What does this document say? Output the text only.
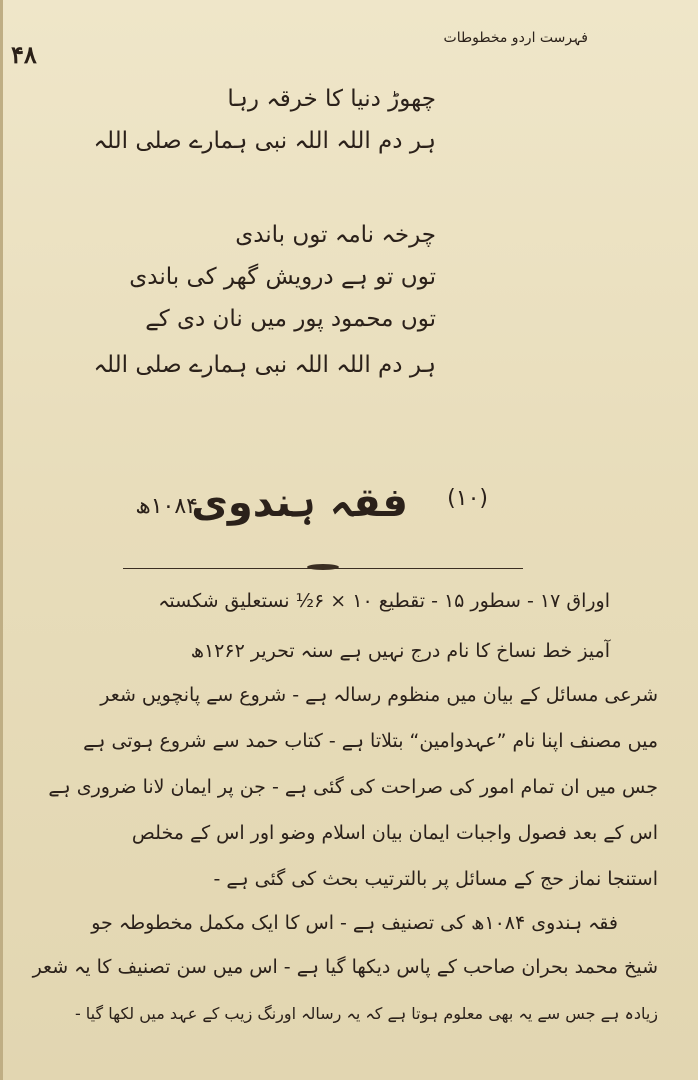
۴۸
فہرست اردو مخطوطات
چھوڑ دنیا کا خرقہ رہا
ہر دم اللہ اللہ نبی ہمارے صلی اللہ
چرخہ نامہ توں باندی
توں تو ہے درویش گھر کی باندی
توں محمود پور میں نان دی کے
ہر دم اللہ اللہ نبی ہمارے صلی اللہ
(۱۰)
فقہ ہندوی
۱۰۸۴ھ
اوراق ۱۷ - سطور ۱۵ - تقطیع ۱۰ × ۶½ نستعلیق شکستہ
آمیز خط نساخ کا نام درج نہیں ہے سنہ تحریر ۱۲۶۲ھ
شرعی مسائل کے بیان میں منظوم رسالہ ہے - شروع سے پانچویں شعر
میں مصنف اپنا نام ”عہدوامین“ بتلاتا ہے - کتاب حمد سے شروع ہوتی ہے
جس میں ان تمام امور کی صراحت کی گئی ہے - جن پر ایمان لانا ضروری ہے
اس کے بعد فصول واجبات ایمان بیان اسلام وضو اور اس کے مخلص
استنجا نماز حج کے مسائل پر بالترتیب بحث کی گئی ہے -
فقہ ہندوی ۱۰۸۴ھ کی تصنیف ہے - اس کا ایک مکمل مخطوطہ جو
شیخ محمد بحران صاحب کے پاس دیکھا گیا ہے - اس میں سن تصنیف کا یہ شعر
زیادہ ہے جس سے یہ بھی معلوم ہوتا ہے کہ یہ رسالہ اورنگ زیب کے عہد میں لکھا گیا -
